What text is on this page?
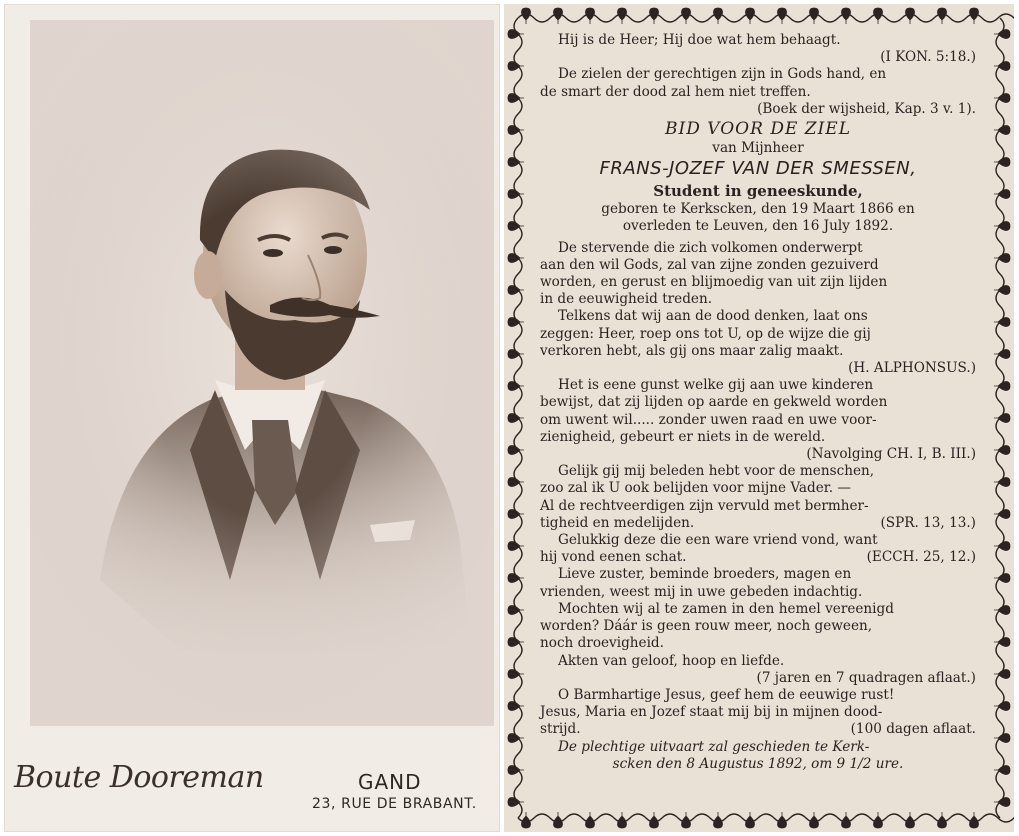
Boute Dooreman	GAND
23, RUE DE BRABANT.
Hij is de Heer; Hij doe wat hem behaagt.
(I KON. 5:18.)
De zielen der gerechtigen zijn in Gods hand, en
de smart der dood zal hem niet treffen.
(Boek der wijsheid, Kap. 3 v. 1).
BID VOOR DE ZIEL
van Mijnheer
FRANS-JOZEF VAN DER SMESSEN,
Student in geneeskunde,
geboren te Kerkscken, den 19 Maart 1866 en
overleden te Leuven, den 16 July 1892.
De stervende die zich volkomen onderwerpt
aan den wil Gods, zal van zijne zonden gezuiverd
worden, en gerust en blijmoedig van uit zijn lijden
in de eeuwigheid treden.
Telkens dat wij aan de dood denken, laat ons
zeggen: Heer, roep ons tot U, op de wijze die gij
verkoren hebt, als gij ons maar zalig maakt.
(H. ALPHONSUS.)
Het is eene gunst welke gij aan uwe kinderen
bewijst, dat zij lijden op aarde en gekweld worden
om uwent wil..... zonder uwen raad en uwe voor-
zienigheid, gebeurt er niets in de wereld.
(Navolging CH. I, B. III.)
Gelijk gij mij beleden hebt voor de menschen,
zoo zal ik U ook belijden voor mijne Vader. —
Al de rechtveerdigen zijn vervuld met bermher-
tigheid en medelijden.	(SPR. 13, 13.)
Gelukkig deze die een ware vriend vond, want
hij vond eenen schat.	(ECCH. 25, 12.)
Lieve zuster, beminde broeders, magen en
vrienden, weest mij in uwe gebeden indachtig.
Mochten wij al te zamen in den hemel vereenigd
worden? Dáár is geen rouw meer, noch geween,
noch droevigheid.
Akten van geloof, hoop en liefde.
(7 jaren en 7 quadragen aflaat.)
O Barmhartige Jesus, geef hem de eeuwige rust!
Jesus, Maria en Jozef staat mij bij in mijnen dood-
strijd.	(100 dagen aflaat.
De plechtige uitvaart zal geschieden te Kerk-
scken den 8 Augustus 1892, om 9 1/2 ure.
